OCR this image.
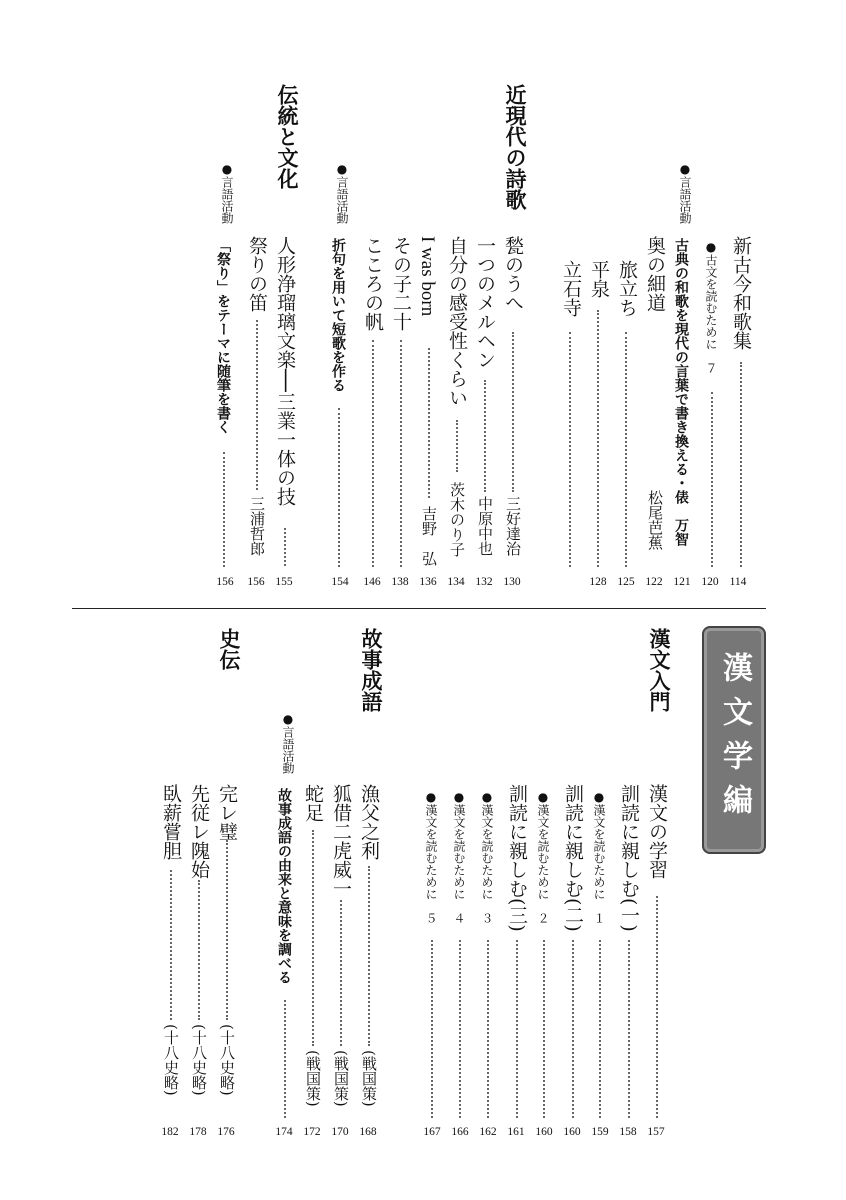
新古今和歌集
114
●古文を読むために　７
120
●言語活動
古典の和歌を現代の言葉で書き換える・俵　万智
121
奥の細道
松尾芭蕉
122
旅立ち
125
平泉
128
立石寺
近現代の詩歌
甃のうへ
三好達治
130
一つのメルヘン
中原中也
132
自分の感受性くらい
茨木のり子
134
I was born
吉野　弘
136
その子二十
138
こころの帆
146
●言語活動
折句を用いて短歌を作る
154
伝統と文化
人形浄瑠璃文楽──三業一体の技
155
祭りの笛
三浦哲郎
156
●言語活動
「祭り」をテーマに随筆を書く
156
漢文学編
漢文入門
漢文の学習
157
訓読に親しむ(一)
158
●漢文を読むために　１
159
訓読に親しむ(二)
160
●漢文を読むために　２
160
訓読に親しむ(三)
161
●漢文を読むために　３
162
●漢文を読むために　４
166
●漢文を読むために　５
167
故事成語
漁父之利
(戦国策)
168
狐借二虎威一
(戦国策)
170
蛇足
(戦国策)
172
●言語活動
故事成語の由来と意味を調べる
174
史伝
完レ璧
(十八史略)
176
先従レ隗始
(十八史略)
178
臥薪嘗胆
(十八史略)
182
